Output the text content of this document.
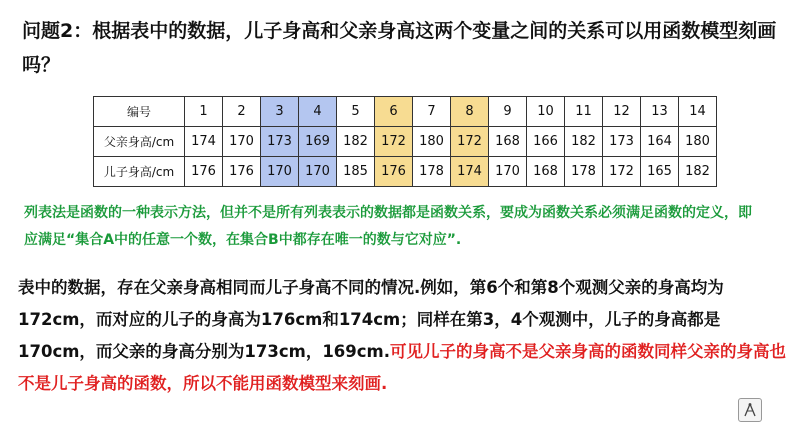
问题2：根据表中的数据，儿子身高和父亲身高这两个变量之间的关系可以用函数模型刻画吗？
编号	1	2	3	4	5	6	7	8	9	10	11	12	13	14
父亲身高/cm	174	170	173	169	182	172	180	172	168	166	182	173	164	180
儿子身高/cm	176	176	170	170	185	176	178	174	170	168	178	172	165	182
列表法是函数的一种表示方法，但并不是所有列表表示的数据都是函数关系，要成为函数关系必须满足函数的定义，即应满足“集合A中的任意一个数，在集合B中都存在唯一的数与它对应”.
表中的数据，存在父亲身高相同而儿子身高不同的情况.例如，第6个和第8个观测父亲的身高均为172cm，而对应的儿子的身高为176cm和174cm；同样在第3，4个观测中，儿子的身高都是170cm，而父亲的身高分别为173cm，169cm.可见儿子的身高不是父亲身高的函数同样父亲的身高也不是儿子身高的函数，所以不能用函数模型来刻画.
